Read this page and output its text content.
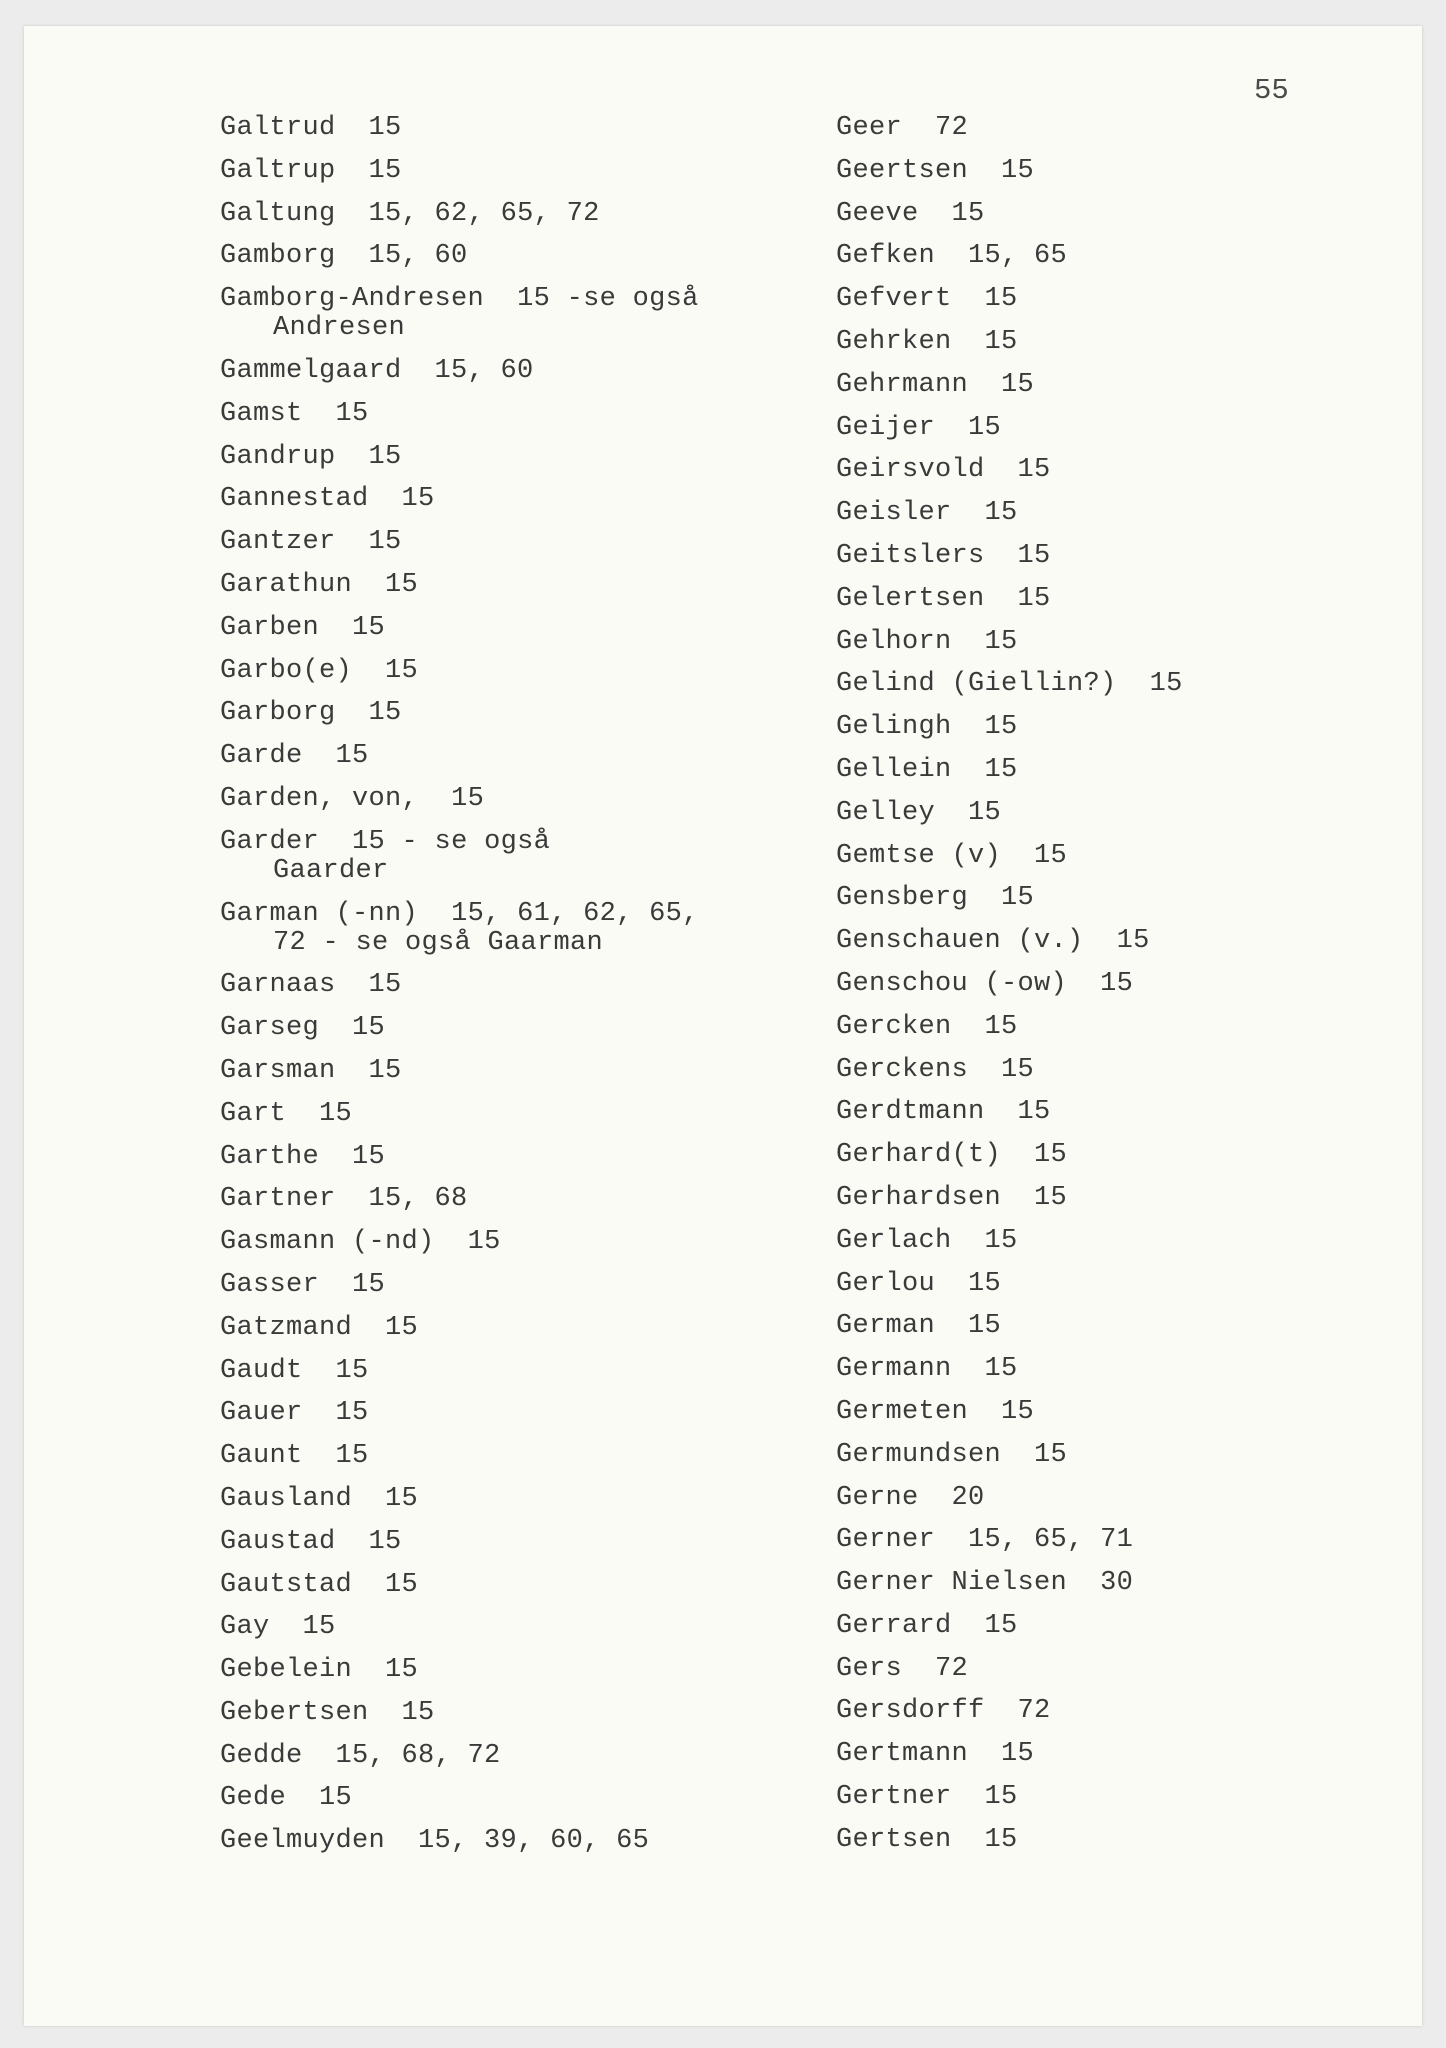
55
Galtrud 15
Galtrup 15
Galtung 15, 62, 65, 72
Gamborg 15, 60
Gamborg-Andresen 15 -se også
Andresen
Gammelgaard 15, 60
Gamst 15
Gandrup 15
Gannestad 15
Gantzer 15
Garathun 15
Garben 15
Garbo(e) 15
Garborg 15
Garde 15
Garden, von, 15
Garder 15 - se også
Gaarder
Garman (-nn) 15, 61, 62, 65,
72 - se også Gaarman
Garnaas 15
Garseg 15
Garsman 15
Gart 15
Garthe 15
Gartner 15, 68
Gasmann (-nd) 15
Gasser 15
Gatzmand 15
Gaudt 15
Gauer 15
Gaunt 15
Gausland 15
Gaustad 15
Gautstad 15
Gay 15
Gebelein 15
Gebertsen 15
Gedde 15, 68, 72
Gede 15
Geelmuyden 15, 39, 60, 65
Geer 72
Geertsen 15
Geeve 15
Gefken 15, 65
Gefvert 15
Gehrken 15
Gehrmann 15
Geijer 15
Geirsvold 15
Geisler 15
Geitslers 15
Gelertsen 15
Gelhorn 15
Gelind (Giellin?) 15
Gelingh 15
Gellein 15
Gelley 15
Gemtse (v) 15
Gensberg 15
Genschauen (v.) 15
Genschou (-ow) 15
Gercken 15
Gerckens 15
Gerdtmann 15
Gerhard(t) 15
Gerhardsen 15
Gerlach 15
Gerlou 15
German 15
Germann 15
Germeten 15
Germundsen 15
Gerne 20
Gerner 15, 65, 71
Gerner Nielsen 30
Gerrard 15
Gers 72
Gersdorff 72
Gertmann 15
Gertner 15
Gertsen 15
